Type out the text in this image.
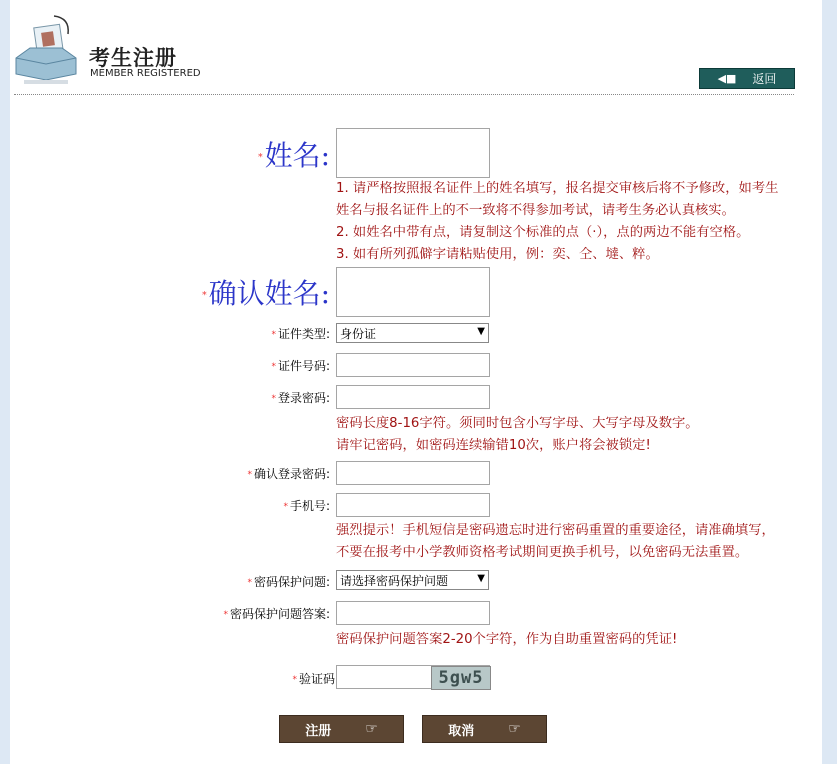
考生注册
MEMBER REGISTERED	◀■ 返回
*姓名:
1. 请严格按照报名证件上的姓名填写，报名提交审核后将不予修改，如考生
姓名与报名证件上的不一致将不得参加考试，请考生务必认真核实。
2. 如姓名中带有点，请复制这个标准的点（·），点的两边不能有空格。
3. 如有所列孤僻字请粘贴使用，例：奕、仝、墶、粹。
*确认姓名:
* 证件类型: 身份证	▼
* 证件号码:
* 登录密码:
密码长度8-16字符。须同时包含小写字母、大写字母及数字。
请牢记密码，如密码连续输错10次，账户将会被锁定!
* 确认登录密码:
* 手机号:
强烈提示！手机短信是密码遗忘时进行密码重置的重要途径，请准确填写，
不要在报考中小学教师资格考试期间更换手机号，以免密码无法重置。
* 密码保护问题: 请选择密码保护问题	▼
* 密码保护问题答案:
密码保护问题答案2-20个字符，作为自助重置密码的凭证!
* 验证码	5gw5
注册 ☞	取消 ☞
